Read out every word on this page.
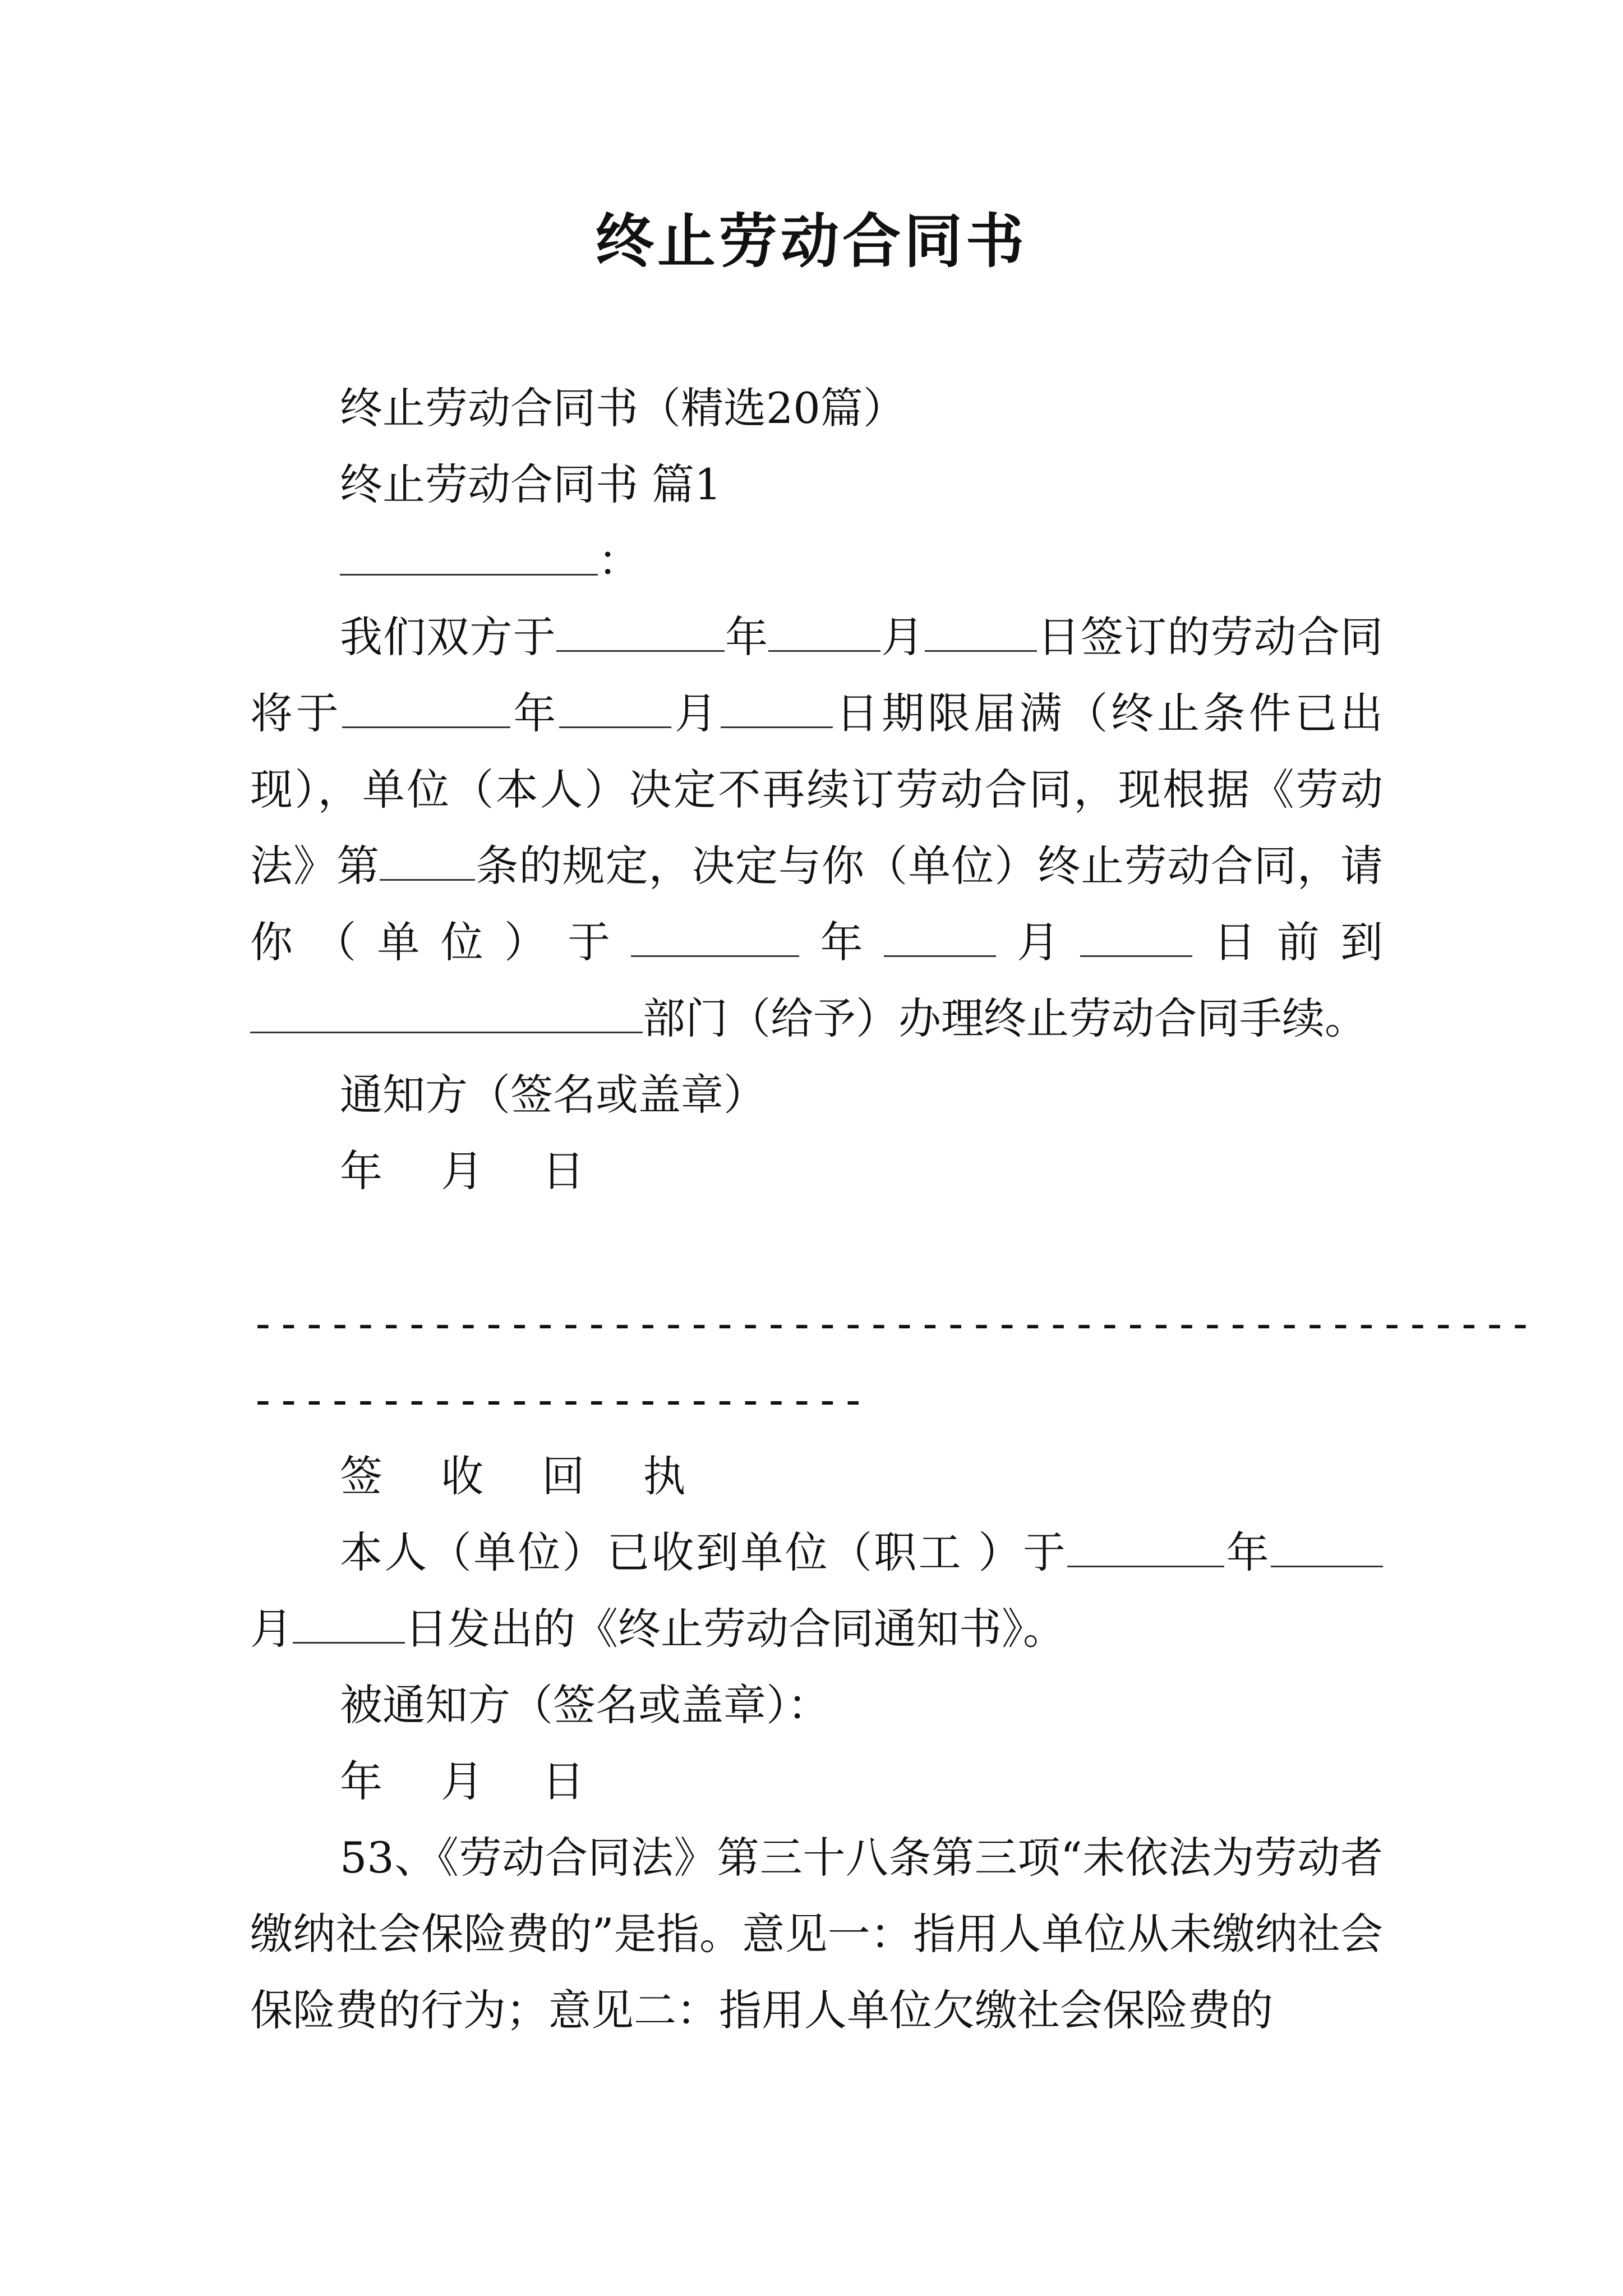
终止劳动合同书

终止劳动合同书（精选20篇）

终止劳动合同书 篇1

：

我们双方于	年	月	日签订的劳动合同将于	年	月	日期限届满（终止条件已出现），单位（本人）决定不再续订劳动合同，现根据《劳动法》第 条的规定，决定与你（单位）终止劳动合同，请你（单位）于	年	月	日前到部门（给予）办理终止劳动合同手续。

通知方（签名或盖章）

年 月 日

--------------------------------------------------
------------------------

签 收 回 执

本人（单位）已收到单位（职工 ）于	年月	日发出的《终止劳动合同通知书》。

被通知方（签名或盖章）：

年 月 日

53、《劳动合同法》第三十八条第三项“未依法为劳动者缴纳社会保险费的”是指。意见一：指用人单位从未缴纳社会保险费的行为；意见二：指用人单位欠缴社会保险费的
